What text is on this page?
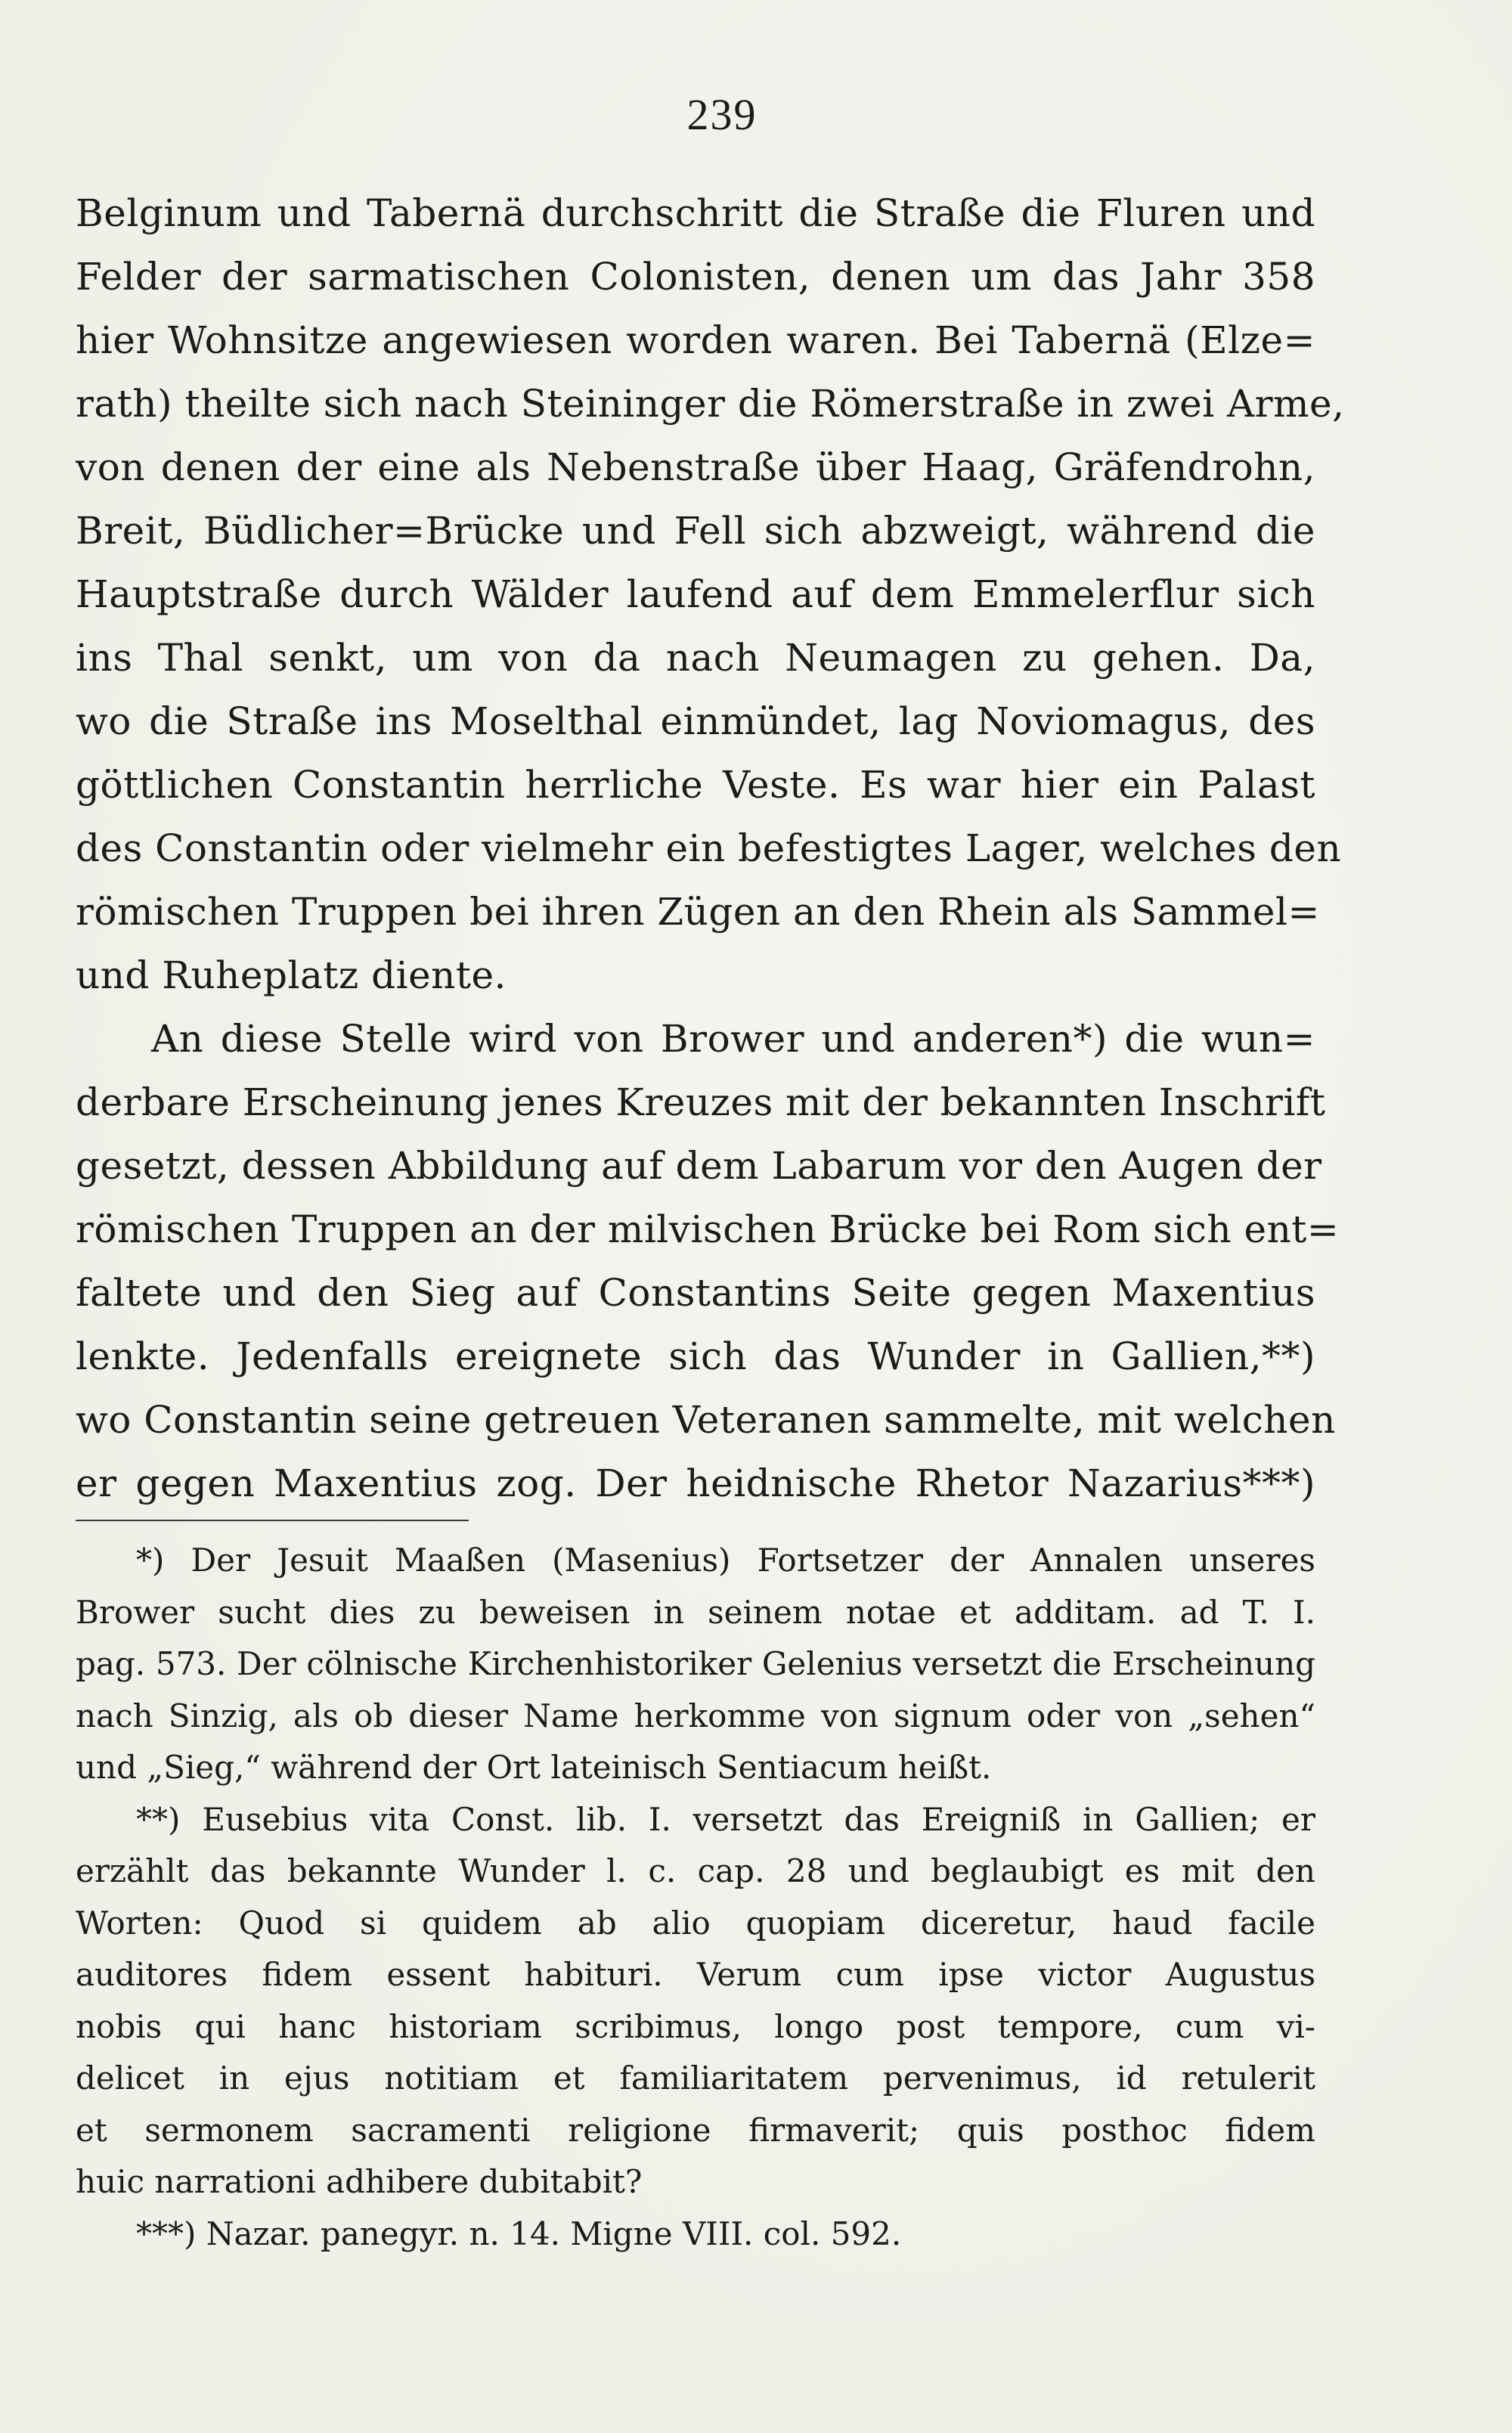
239
Belginum und Tabernä durchschritt die Straße die Fluren und
Felder der sarmatischen Colonisten, denen um das Jahr 358
hier Wohnsitze angewiesen worden waren. Bei Tabernä (Elze=
rath) theilte sich nach Steininger die Römerstraße in zwei Arme,
von denen der eine als Nebenstraße über Haag, Gräfendrohn,
Breit, Büdlicher=Brücke und Fell sich abzweigt, während die
Hauptstraße durch Wälder laufend auf dem Emmelerflur sich
ins Thal senkt, um von da nach Neumagen zu gehen. Da,
wo die Straße ins Moselthal einmündet, lag Noviomagus, des
göttlichen Constantin herrliche Veste. Es war hier ein Palast
des Constantin oder vielmehr ein befestigtes Lager, welches den
römischen Truppen bei ihren Zügen an den Rhein als Sammel=
und Ruheplatz diente.
An diese Stelle wird von Brower und anderen*) die wun=
derbare Erscheinung jenes Kreuzes mit der bekannten Inschrift
gesetzt, dessen Abbildung auf dem Labarum vor den Augen der
römischen Truppen an der milvischen Brücke bei Rom sich ent=
faltete und den Sieg auf Constantins Seite gegen Maxentius
lenkte. Jedenfalls ereignete sich das Wunder in Gallien,**)
wo Constantin seine getreuen Veteranen sammelte, mit welchen
er gegen Maxentius zog. Der heidnische Rhetor Nazarius***)
*) Der Jesuit Maaßen (Masenius) Fortsetzer der Annalen unseres
Brower sucht dies zu beweisen in seinem notae et additam. ad T. I.
pag. 573. Der cölnische Kirchenhistoriker Gelenius versetzt die Erscheinung
nach Sinzig, als ob dieser Name herkomme von signum oder von „sehen“
und „Sieg,“ während der Ort lateinisch Sentiacum heißt.
**) Eusebius vita Const. lib. I. versetzt das Ereigniß in Gallien; er
erzählt das bekannte Wunder l. c. cap. 28 und beglaubigt es mit den
Worten: Quod si quidem ab alio quopiam diceretur, haud facile
auditores fidem essent habituri. Verum cum ipse victor Augustus
nobis qui hanc historiam scribimus, longo post tempore, cum vi-
delicet in ejus notitiam et familiaritatem pervenimus, id retulerit
et sermonem sacramenti religione firmaverit; quis posthoc fidem
huic narrationi adhibere dubitabit?
***) Nazar. panegyr. n. 14. Migne VIII. col. 592.
